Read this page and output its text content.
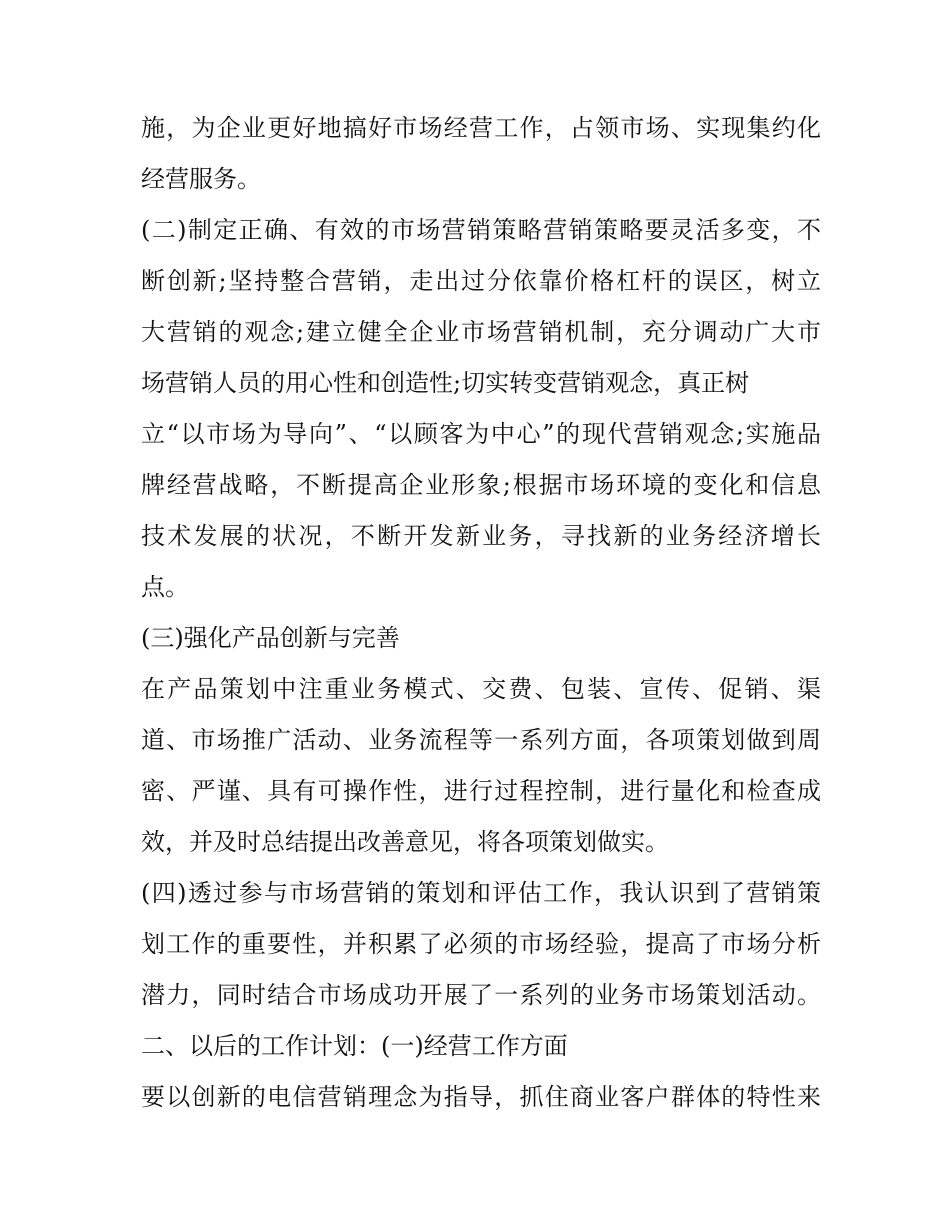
施，为企业更好地搞好市场经营工作，占领市场、实现集约化
经营服务。
(二)制定正确、有效的市场营销策略营销策略要灵活多变，不
断创新;坚持整合营销，走出过分依靠价格杠杆的误区，树立
大营销的观念;建立健全企业市场营销机制，充分调动广大市
场营销人员的用心性和创造性;切实转变营销观念，真正树
立“以市场为导向”、“以顾客为中心”的现代营销观念;实施品
牌经营战略，不断提高企业形象;根据市场环境的变化和信息
技术发展的状况，不断开发新业务，寻找新的业务经济增长
点。
(三)强化产品创新与完善
在产品策划中注重业务模式、交费、包装、宣传、促销、渠
道、市场推广活动、业务流程等一系列方面，各项策划做到周
密、严谨、具有可操作性，进行过程控制，进行量化和检查成
效，并及时总结提出改善意见，将各项策划做实。
(四)透过参与市场营销的策划和评估工作，我认识到了营销策
划工作的重要性，并积累了必须的市场经验，提高了市场分析
潜力，同时结合市场成功开展了一系列的业务市场策划活动。
二、以后的工作计划：(一)经营工作方面
要以创新的电信营销理念为指导，抓住商业客户群体的特性来
